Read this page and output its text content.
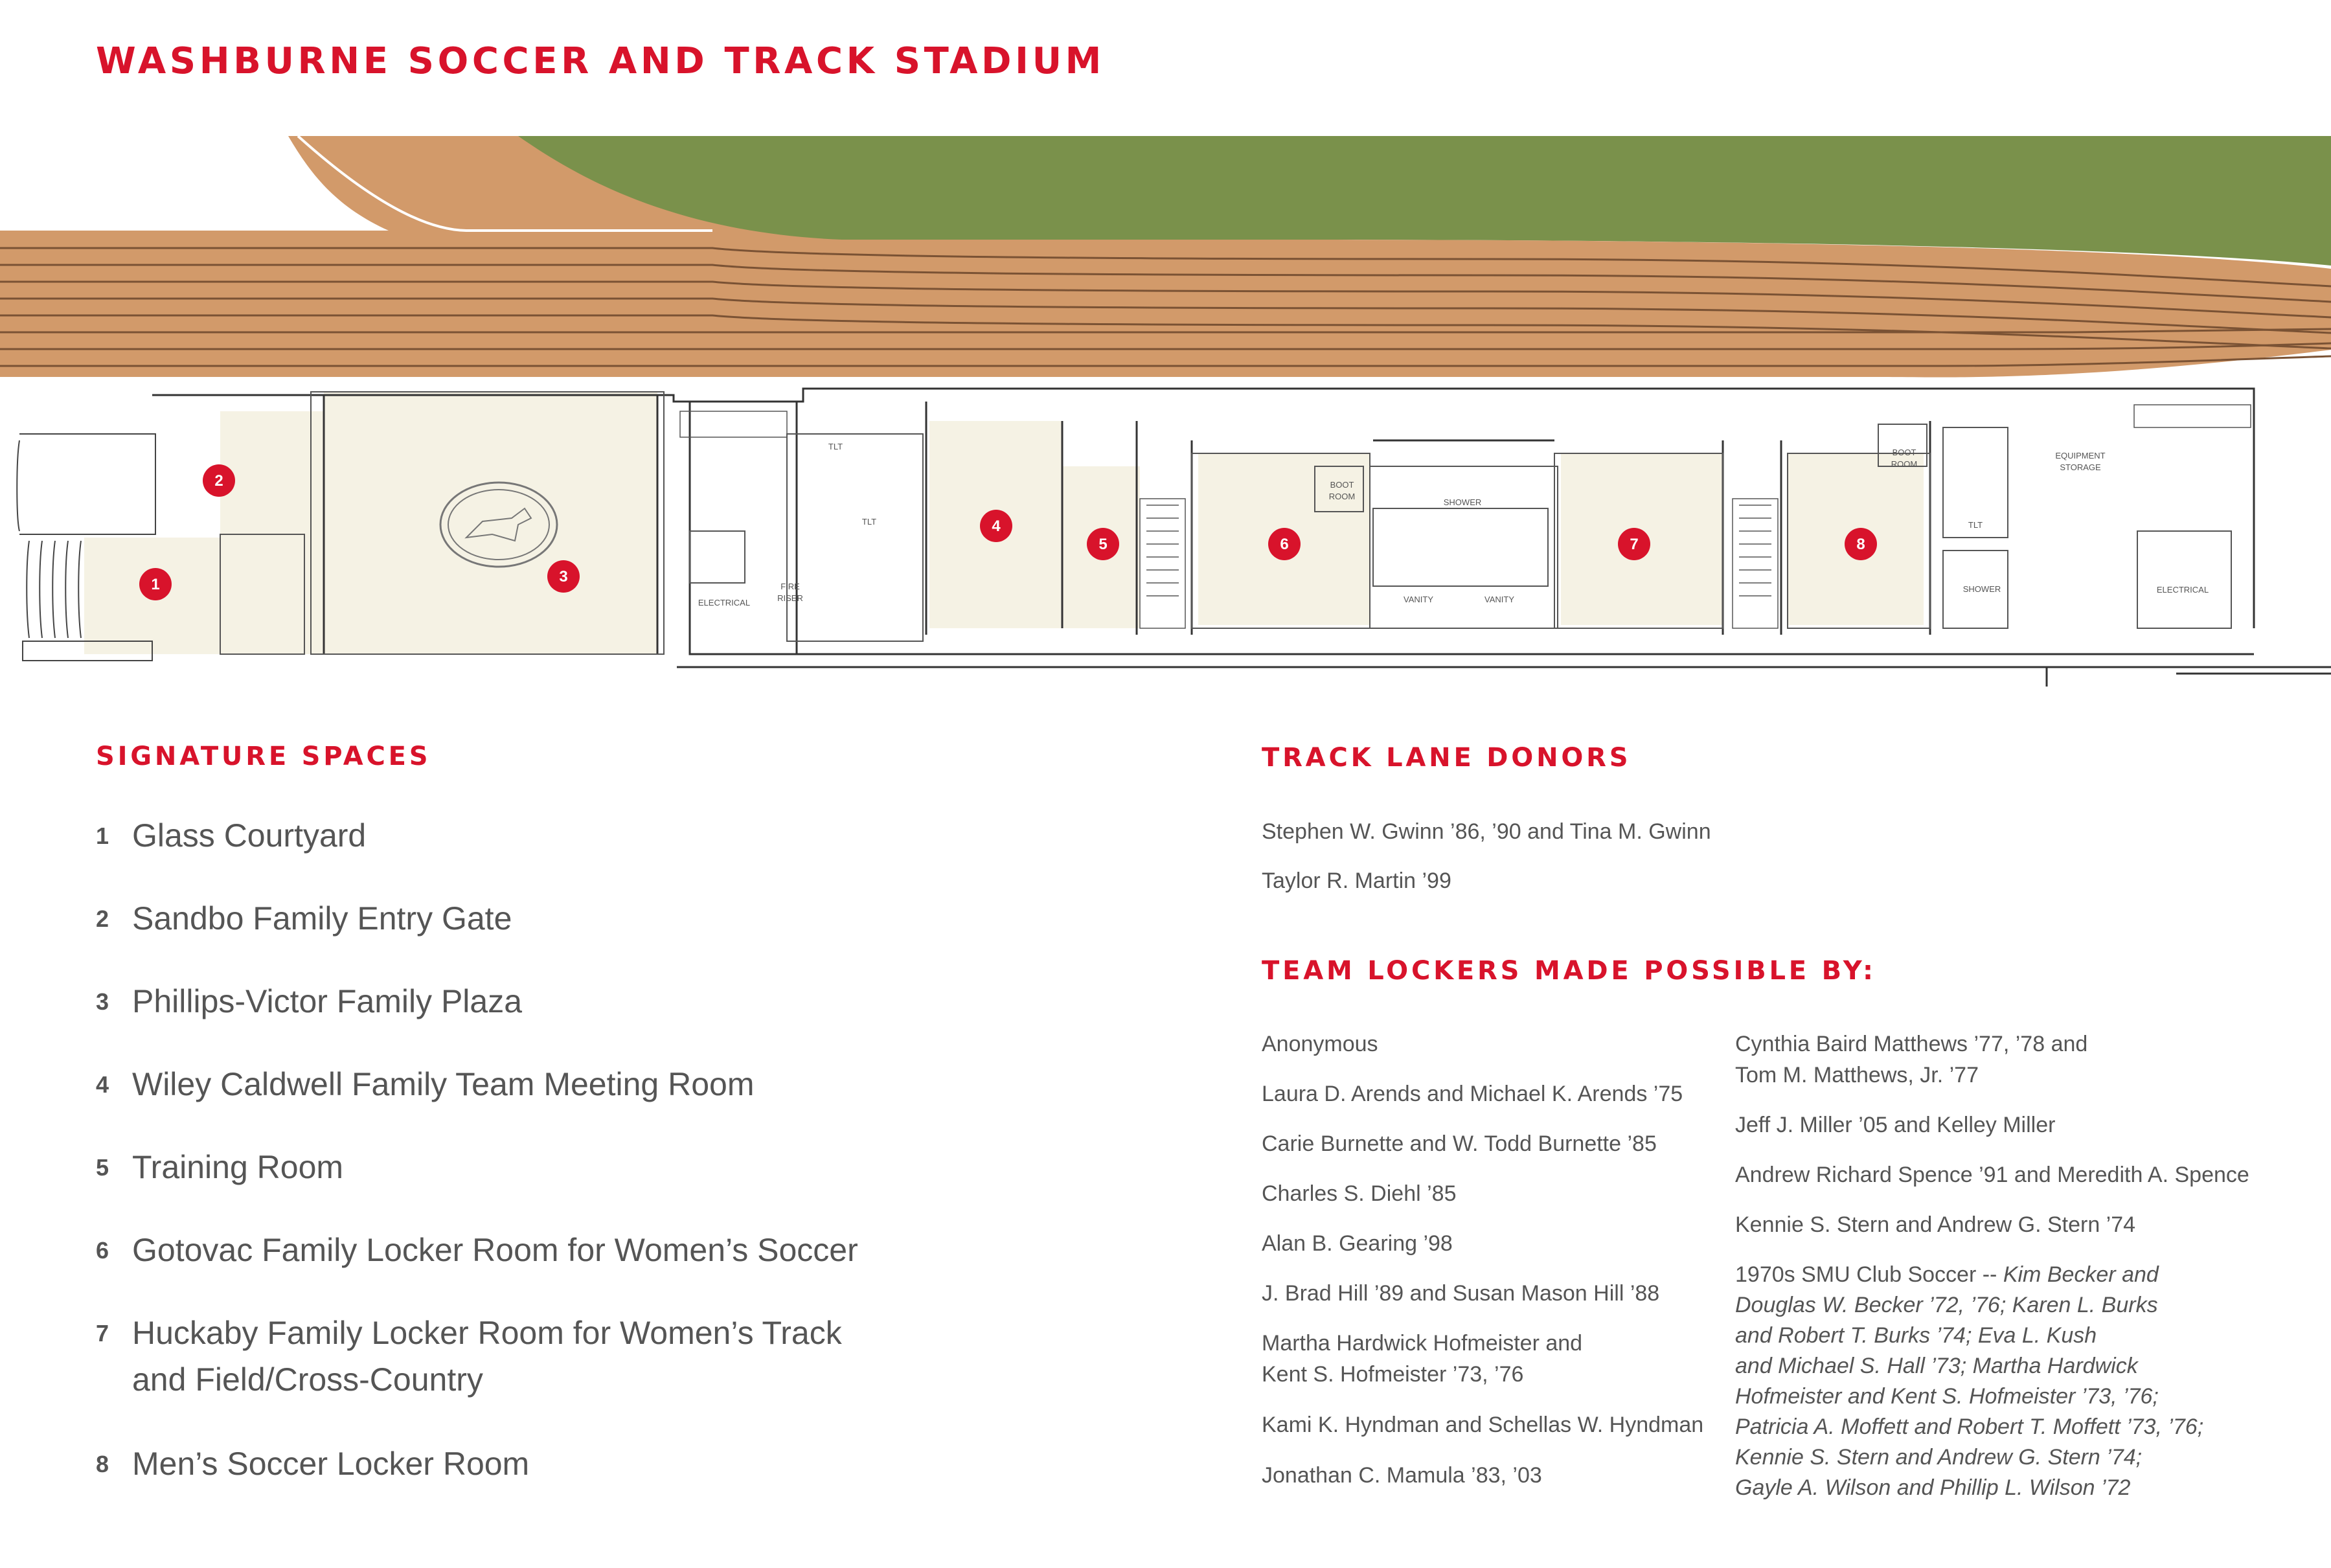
WASHBURNE SOCCER AND TRACK STADIUM
ELECTRICAL
FIRE
RISER
TLT
TLT
BOOT
ROOM
SHOWER
VANITY	VANITY
BOOT
ROOM
EQUIPMENT
STORAGE
TLT
SHOWER	ELECTRICAL
1
2
3
4
5	6	7	8
SIGNATURE SPACES
1 Glass Courtyard
2 Sandbo Family Entry Gate
3 Phillips-Victor Family Plaza
4 Wiley Caldwell Family Team Meeting Room
5 Training Room
6 Gotovac Family Locker Room for Women’s Soccer
7 Huckaby Family Locker Room for Women’s Track
and Field/Cross-Country
8 Men’s Soccer Locker Room
TRACK LANE DONORS
Stephen W. Gwinn ’86, ’90 and Tina M. Gwinn
Taylor R. Martin ’99
TEAM LOCKERS MADE POSSIBLE BY:
Anonymous
Laura D. Arends and Michael K. Arends ’75
Carie Burnette and W. Todd Burnette ’85
Charles S. Diehl ’85
Alan B. Gearing ’98
J. Brad Hill ’89 and Susan Mason Hill ’88
Martha Hardwick Hofmeister and
Kent S. Hofmeister ’73, ’76
Kami K. Hyndman and Schellas W. Hyndman
Jonathan C. Mamula ’83, ’03
Cynthia Baird Matthews ’77, ’78 and
Tom M. Matthews, Jr. ’77
Jeff J. Miller ’05 and Kelley Miller
Andrew Richard Spence ’91 and Meredith A. Spence
Kennie S. Stern and Andrew G. Stern ’74
1970s SMU Club Soccer -- Kim Becker and
Douglas W. Becker ’72, ’76; Karen L. Burks
and Robert T. Burks ’74; Eva L. Kush
and Michael S. Hall ’73; Martha Hardwick
Hofmeister and Kent S. Hofmeister ’73, ’76;
Patricia A. Moffett and Robert T. Moffett ’73, ’76;
Kennie S. Stern and Andrew G. Stern ’74;
Gayle A. Wilson and Phillip L. Wilson ’72
